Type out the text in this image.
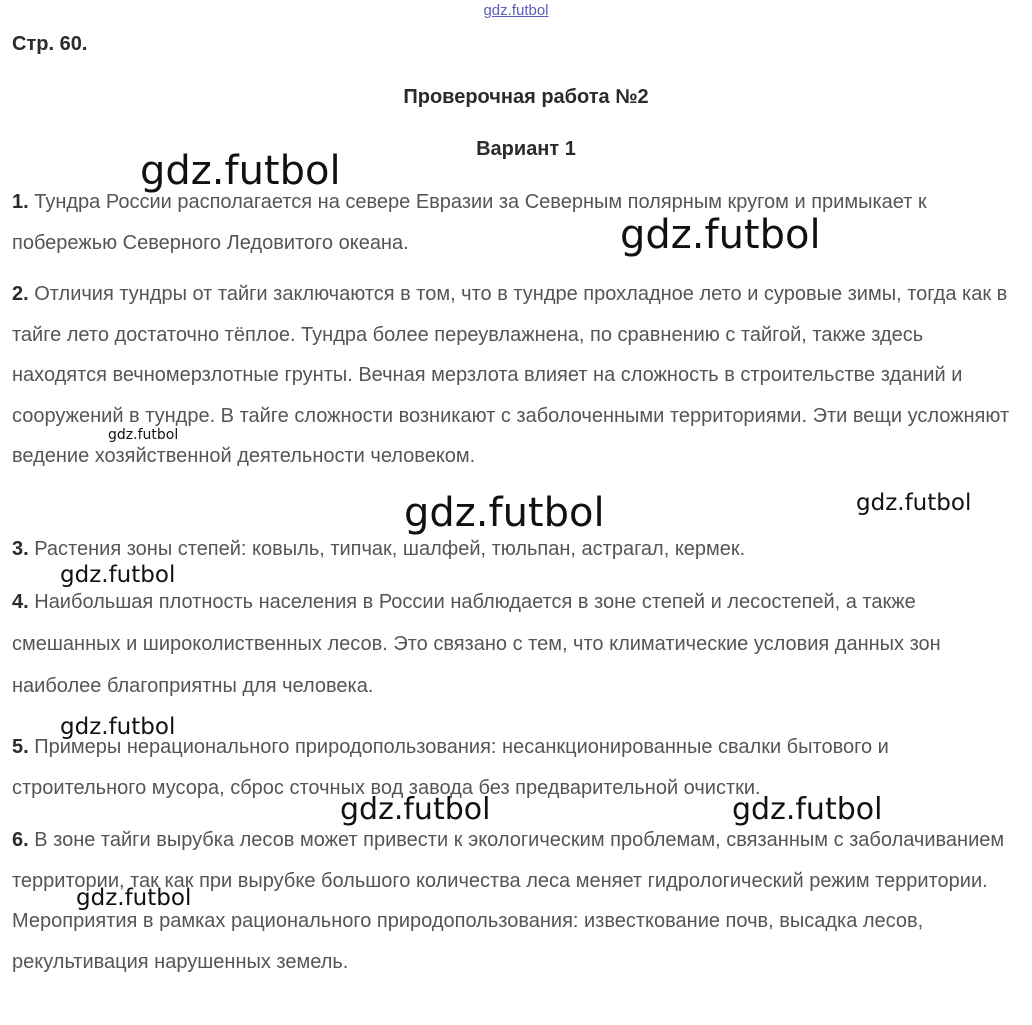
gdz.futbol
Стр. 60.
Проверочная работа №2
Вариант 1

1. Тундра России располагается на севере Евразии за Северным полярным кругом и примыкает к побережью Северного Ледовитого океана.

2. Отличия тундры от тайги заключаются в том, что в тундре прохладное лето и суровые зимы, тогда как в тайге лето достаточно тёплое. Тундра более переувлажнена, по сравнению с тайгой, также здесь находятся вечномерзлотные грунты. Вечная мерзлота влияет на сложность в строительстве зданий и сооружений в тундре. В тайге сложности возникают с заболоченными территориями. Эти вещи усложняют ведение хозяйственной деятельности человеком.

3. Растения зоны степей: ковыль, типчак, шалфей, тюльпан, астрагал, кермек.

4. Наибольшая плотность населения в России наблюдается в зоне степей и лесостепей, а также смешанных и широколиственных лесов. Это связано с тем, что климатические условия данных зон наиболее благоприятны для человека.

5. Примеры нерационального природопользования: несанкционированные свалки бытового и строительного мусора, сброс сточных вод завода без предварительной очистки.

6. В зоне тайги вырубка лесов может привести к экологическим проблемам, связанным с заболачиванием территории, так как при вырубке большого количества леса меняет гидрологический режим территории. Мероприятия в рамках рационального природопользования: известкование почв, высадка лесов, рекультивация нарушенных земель.

gdz.futbol
gdz.futbol
gdz.futbol
gdz.futbol	gdz.futbol
gdz.futbol
gdz.futbol
gdz.futbol	gdz.futbol
gdz.futbol
